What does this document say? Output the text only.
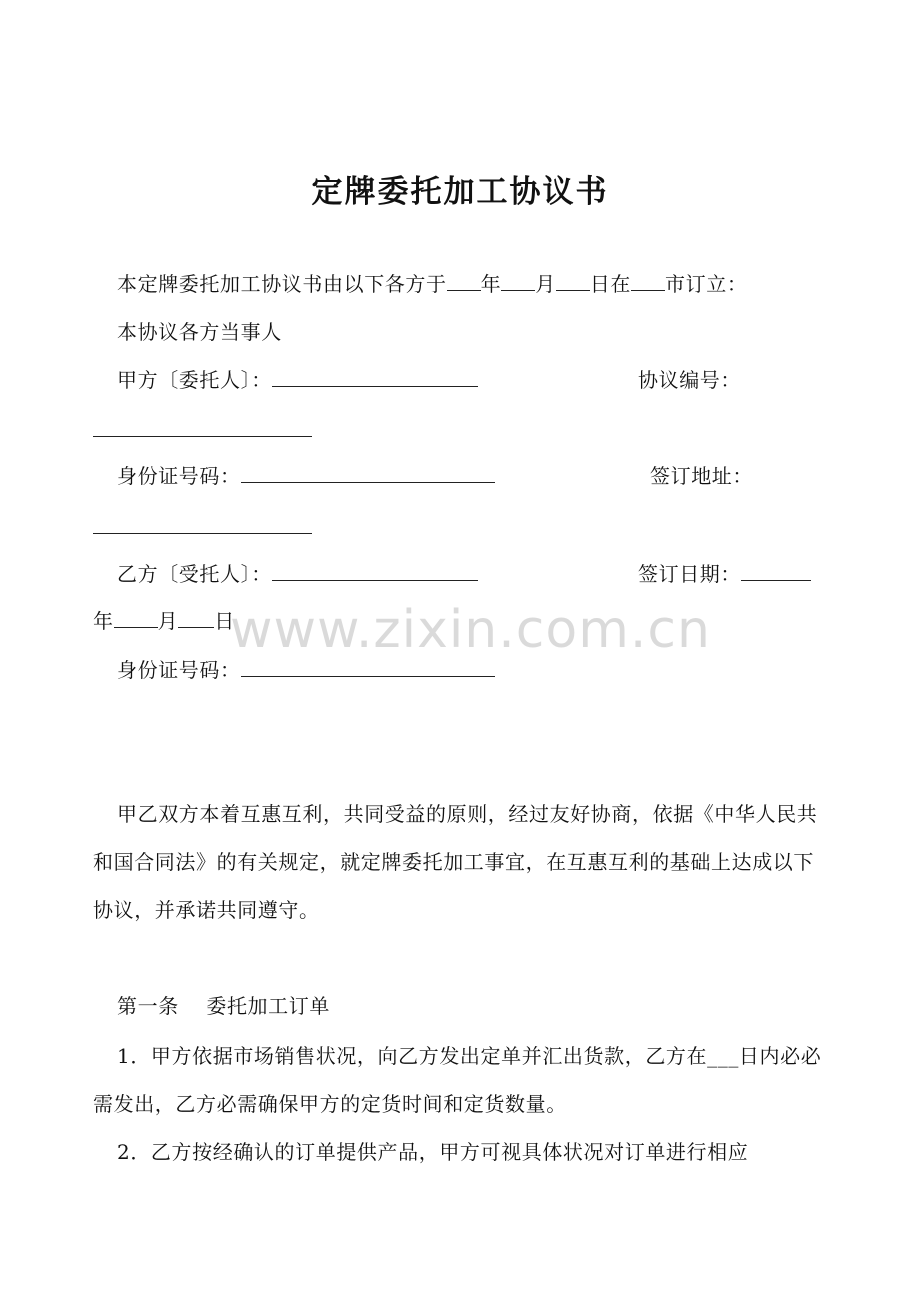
定牌委托加工协议书
本定牌委托加工协议书由以下各方于 年 月 日在 市订立：
本协议各方当事人
甲方〔委托人〕：	协议编号：
身份证号码：	签订地址：
乙方〔受托人〕：	签订日期：
年 月 日
身份证号码：
甲乙双方本着互惠互利，共同受益的原则，经过友好协商，依据《中华人民共和国合同法》的有关规定，就定牌委托加工事宜，在互惠互利的基础上达成以下协议，并承诺共同遵守。
第一条　 委托加工订单
1．甲方依据市场销售状况，向乙方发出定单并汇出货款，乙方在___日内必必需发出，乙方必需确保甲方的定货时间和定货数量。
2．乙方按经确认的订单提供产品，甲方可视具体状况对订单进行相应
www.zixin.com.cn
